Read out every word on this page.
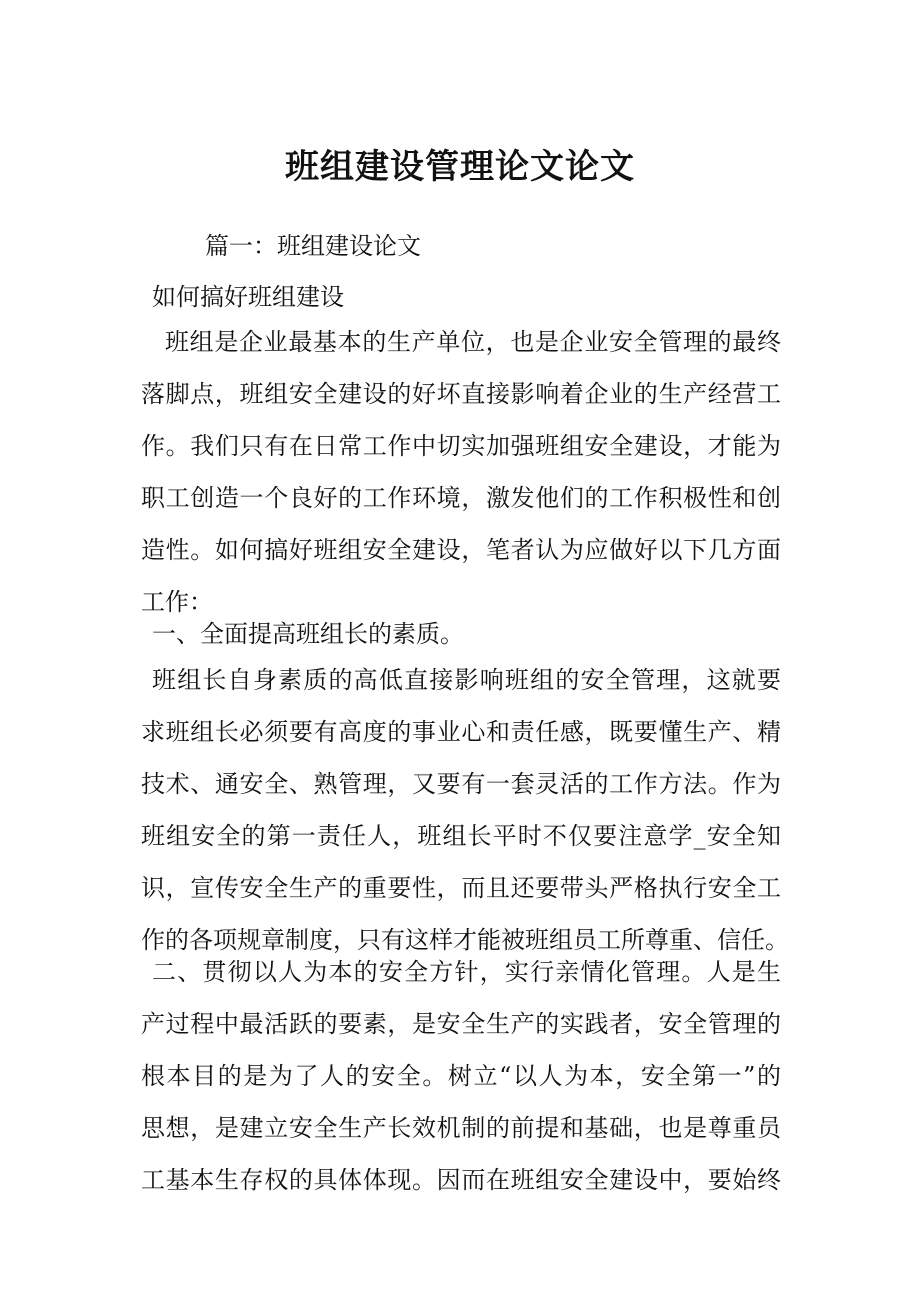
班组建设管理论文论文

篇一：班组建设论文

如何搞好班组建设

班组是企业最基本的生产单位，也是企业安全管理的最终
落脚点，班组安全建设的好坏直接影响着企业的生产经营工
作。我们只有在日常工作中切实加强班组安全建设，才能为
职工创造一个良好的工作环境，激发他们的工作积极性和创
造性。如何搞好班组安全建设，笔者认为应做好以下几方面
工作：

一、全面提高班组长的素质。

班组长自身素质的高低直接影响班组的安全管理，这就要
求班组长必须要有高度的事业心和责任感，既要懂生产、精
技术、通安全、熟管理，又要有一套灵活的工作方法。作为
班组安全的第一责任人，班组长平时不仅要注意学_安全知
识，宣传安全生产的重要性，而且还要带头严格执行安全工
作的各项规章制度，只有这样才能被班组员工所尊重、信任。
二、贯彻以人为本的安全方针，实行亲情化管理。人是生
产过程中最活跃的要素，是安全生产的实践者，安全管理的
根本目的是为了人的安全。树立“以人为本，安全第一”的
思想，是建立安全生产长效机制的前提和基础，也是尊重员
工基本生存权的具体体现。因而在班组安全建设中，要始终
